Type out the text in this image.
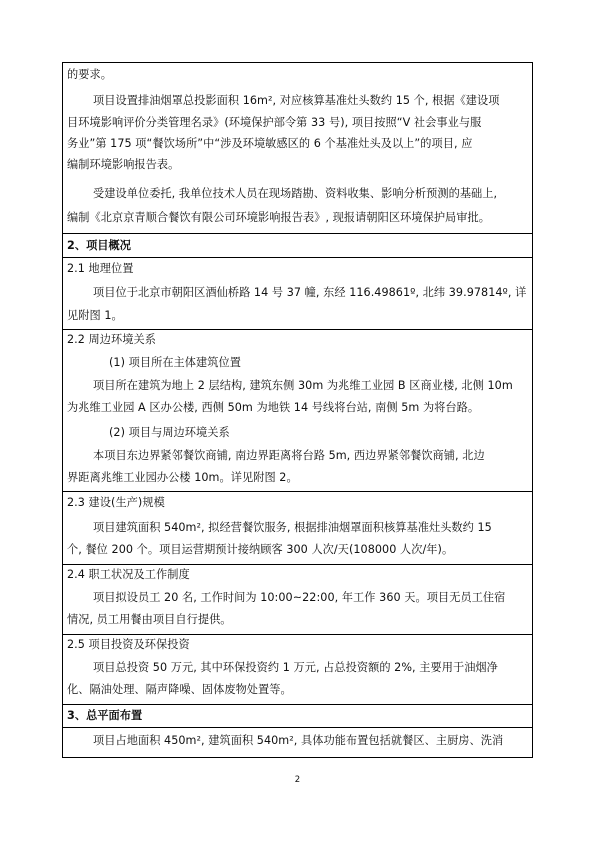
的要求。
项目设置排油烟罩总投影面积 16m², 对应核算基准灶头数约 15 个, 根据《建设项
目环境影响评价分类管理名录》(环境保护部令第 33 号), 项目按照“V 社会事业与服
务业”第 175 项“餐饮场所”中“涉及环境敏感区的 6 个基准灶头及以上”的项目, 应
编制环境影响报告表。
受建设单位委托, 我单位技术人员在现场踏勘、资料收集、影响分析预测的基础上,
编制《北京京青顺合餐饮有限公司环境影响报告表》, 现报请朝阳区环境保护局审批。
2、项目概况
2.1 地理位置
项目位于北京市朝阳区酒仙桥路 14 号 37 幢, 东经 116.49861º, 北纬 39.97814º, 详
见附图 1。
2.2 周边环境关系
(1) 项目所在主体建筑位置
项目所在建筑为地上 2 层结构, 建筑东侧 30m 为兆维工业园 B 区商业楼, 北侧 10m
为兆维工业园 A 区办公楼, 西侧 50m 为地铁 14 号线将台站, 南侧 5m 为将台路。
(2) 项目与周边环境关系
本项目东边界紧邻餐饮商铺, 南边界距离将台路 5m, 西边界紧邻餐饮商铺, 北边
界距离兆维工业园办公楼 10m。详见附图 2。
2.3 建设(生产)规模
项目建筑面积 540m², 拟经营餐饮服务, 根据排油烟罩面积核算基准灶头数约 15
个, 餐位 200 个。项目运营期预计接纳顾客 300 人次/天(108000 人次/年)。
2.4 职工状况及工作制度
项目拟设员工 20 名, 工作时间为 10:00~22:00, 年工作 360 天。项目无员工住宿
情况, 员工用餐由项目自行提供。
2.5 项目投资及环保投资
项目总投资 50 万元, 其中环保投资约 1 万元, 占总投资额的 2%, 主要用于油烟净
化、隔油处理、隔声降噪、固体废物处置等。
3、总平面布置
项目占地面积 450m², 建筑面积 540m², 具体功能布置包括就餐区、主厨房、洗消
2
